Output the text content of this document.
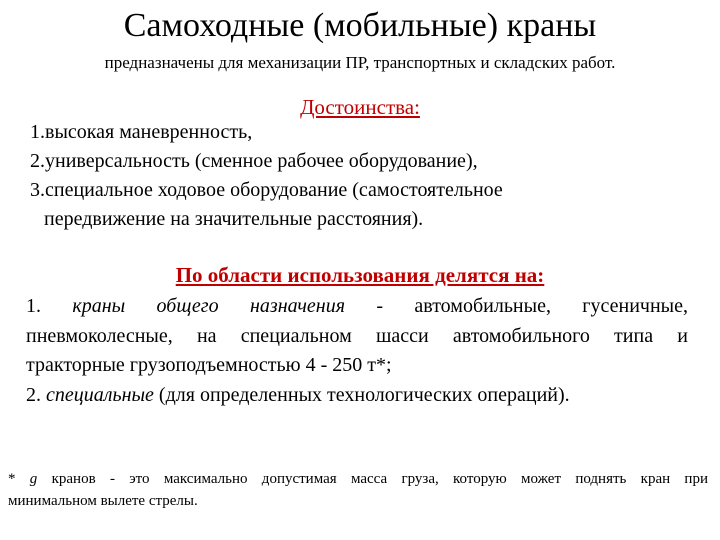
Самоходные (мобильные) краны
предназначены для механизации ПР, транспортных и складских работ.
Достоинства:
1.высокая маневренность,
2.универсальность (сменное рабочее оборудование),
3.специальное ходовое оборудование (самостоятельное
передвижение на значительные расстояния).
По области использования делятся на:
1. краны общего назначения - автомобильные, гусеничные,
пневмоколесные, на специальном шасси автомобильного типа и
тракторные грузоподъемностью 4 - 250 т*;
2. специальные (для определенных технологических операций).
* g кранов - это максимально допустимая масса груза, которую может поднять кран при
минимальном вылете стрелы.
